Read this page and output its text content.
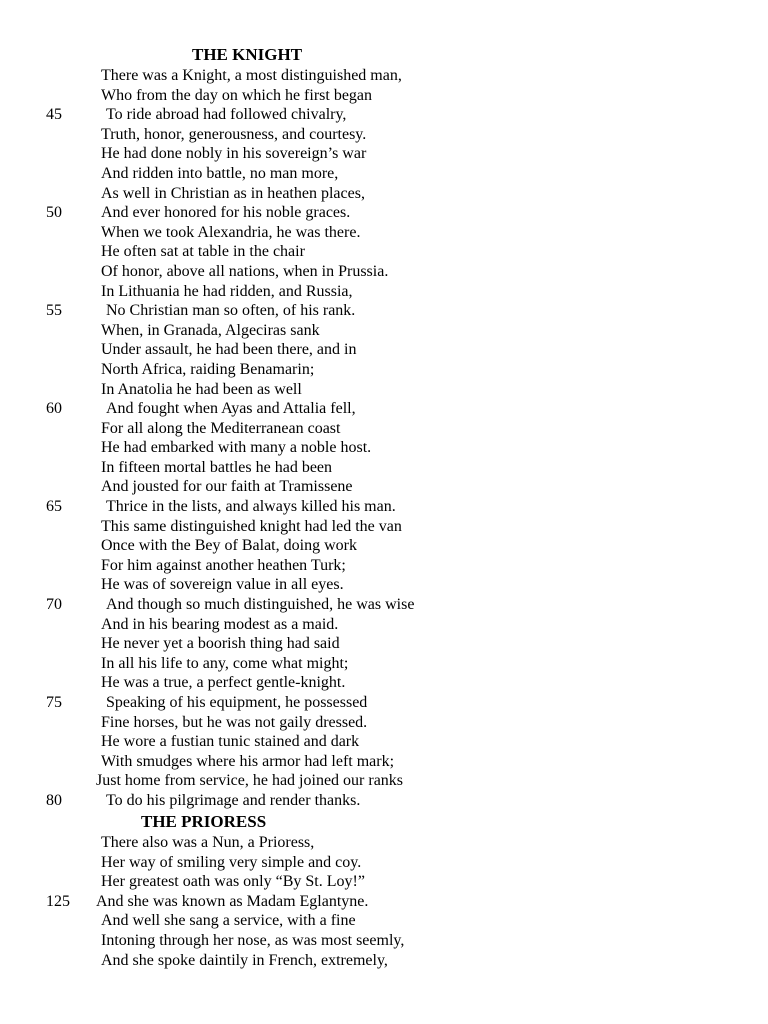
THE KNIGHT
There was a Knight, a most distinguished man,
Who from the day on which he first began
45	To ride abroad had followed chivalry,
Truth, honor, generousness, and courtesy.
He had done nobly in his sovereign’s war
And ridden into battle, no man more,
As well in Christian as in heathen places,
50 And ever honored for his noble graces.
When we took Alexandria, he was there.
He often sat at table in the chair
Of honor, above all nations, when in Prussia.
In Lithuania he had ridden, and Russia,
55	No Christian man so often, of his rank.
When, in Granada, Algeciras sank
Under assault, he had been there, and in
North Africa, raiding Benamarin;
In Anatolia he had been as well
60	And fought when Ayas and Attalia fell,
For all along the Mediterranean coast
He had embarked with many a noble host.
In fifteen mortal battles he had been
And jousted for our faith at Tramissene
65	Thrice in the lists, and always killed his man.
This same distinguished knight had led the van
Once with the Bey of Balat, doing work
For him against another heathen Turk;
He was of sovereign value in all eyes.
70	And though so much distinguished, he was wise
And in his bearing modest as a maid.
He never yet a boorish thing had said
In all his life to any, come what might;
He was a true, a perfect gentle-knight.
75	Speaking of his equipment, he possessed
Fine horses, but he was not gaily dressed.
He wore a fustian tunic stained and dark
With smudges where his armor had left mark;
Just home from service, he had joined our ranks
80	To do his pilgrimage and render thanks.
THE PRIORESS
There also was a Nun, a Prioress,
Her way of smiling very simple and coy.
Her greatest oath was only “By St. Loy!”
125 And she was known as Madam Eglantyne.
And well she sang a service, with a fine
Intoning through her nose, as was most seemly,
And she spoke daintily in French, extremely,
